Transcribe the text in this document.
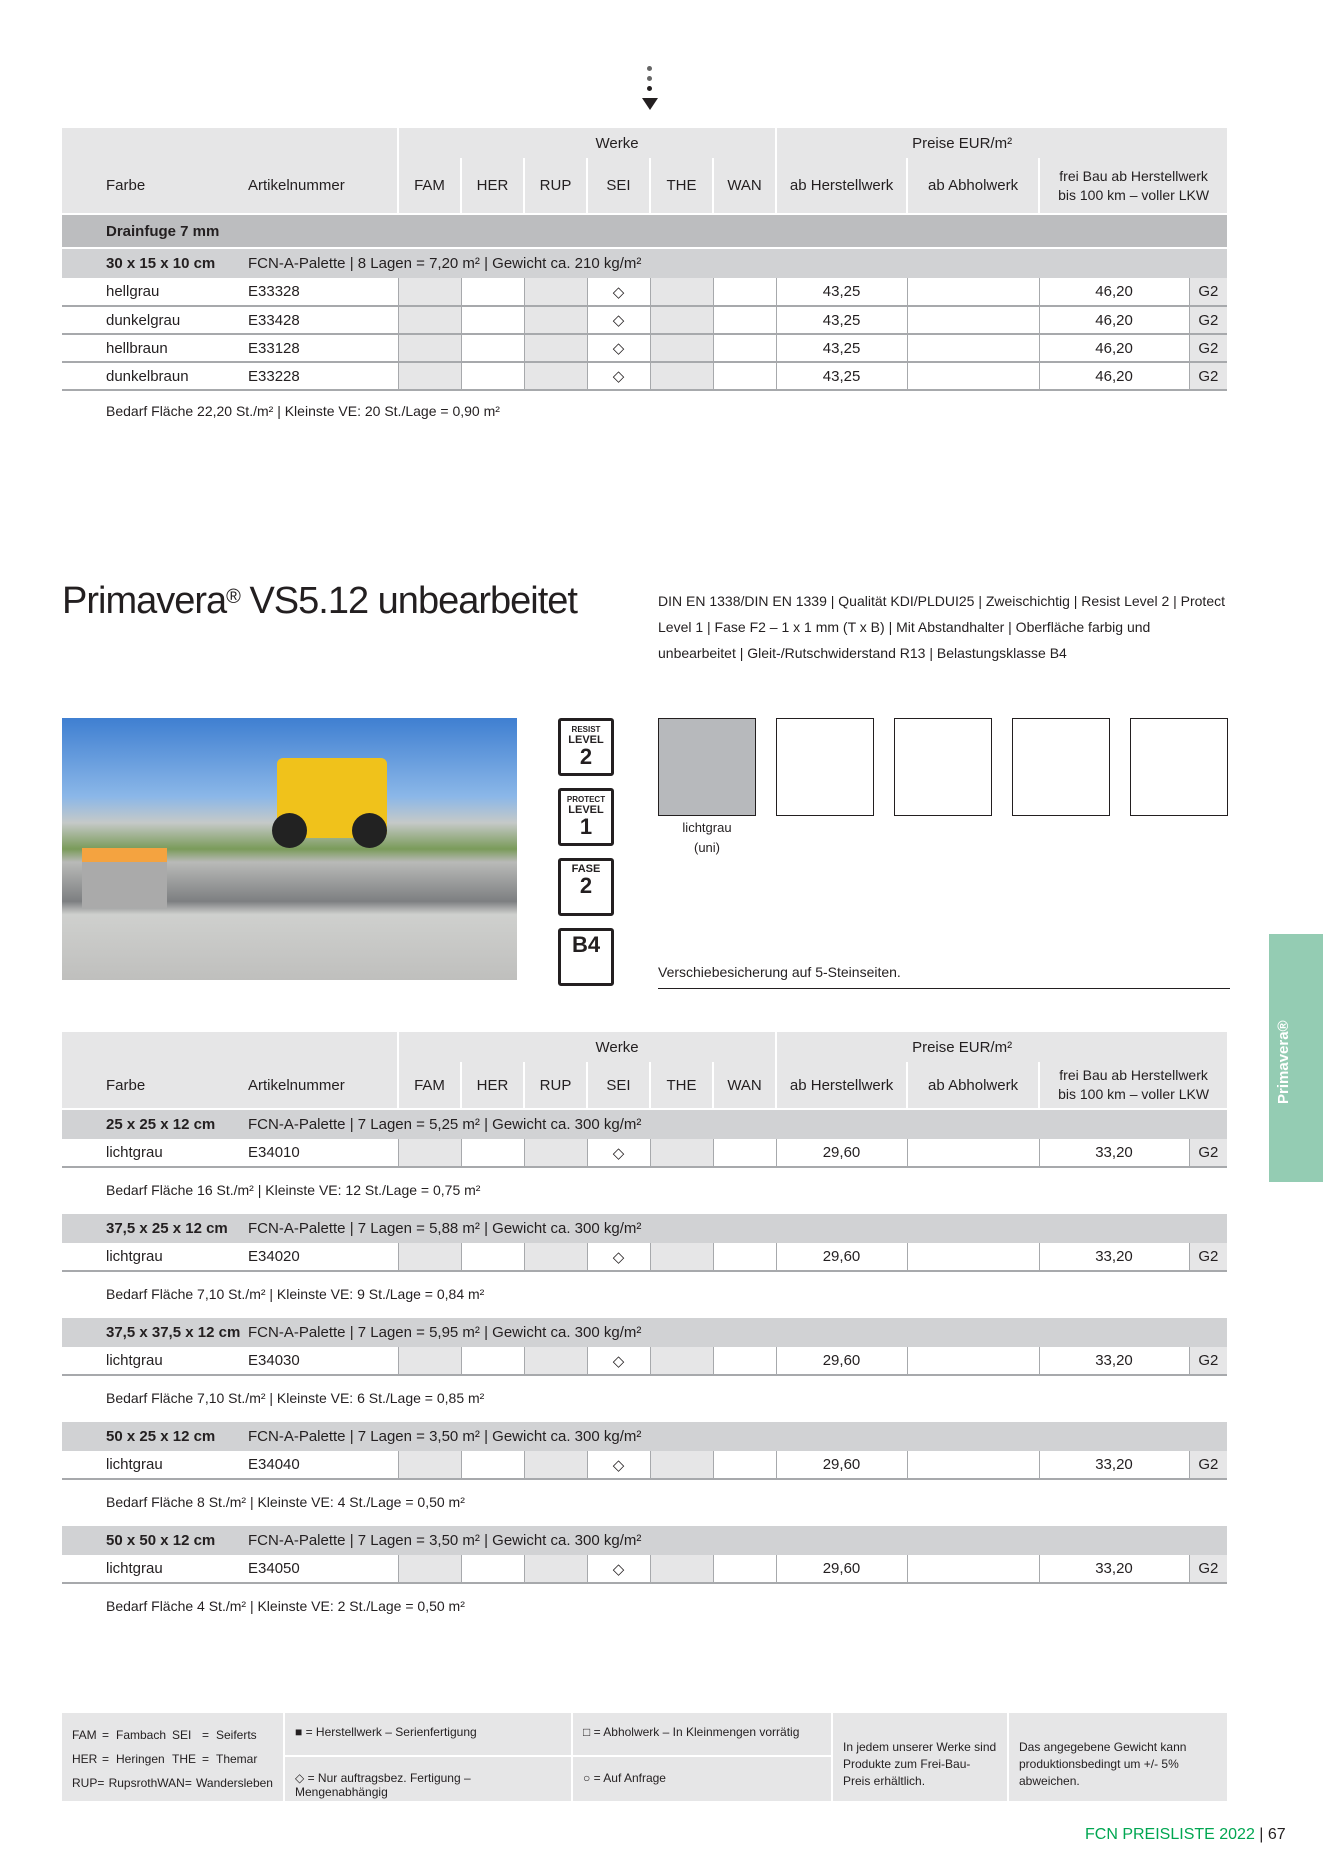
		Werke						Preise EUR/m²			
Farbe	Artikelnummer	FAM	HER	RUP	SEI	THE	WAN	ab Herstellwerk	ab Abholwerk	frei Bau ab Herstellwerk
bis 100 km – voller LKW	
Drainfuge 7 mm											
30 x 15 x 10 cm	FCN-A-Palette | 8 Lagen = 7,20 m² | Gewicht ca. 210 kg/m²										
hellgrau	E33328				◇			43,25		46,20	G2
dunkelgrau	E33428				◇			43,25		46,20	G2
hellbraun	E33128				◇			43,25		46,20	G2
dunkelbraun	E33228				◇			43,25		46,20	G2
Bedarf Fläche 22,20 St./m² | Kleinste VE: 20 St./Lage = 0,90 m²
Primavera® VS5.12 unbearbeitet	DIN EN 1338/DIN EN 1339 | Qualität KDI/PLDUI25 | Zweischichtig | Resist Level 2 | Protect Level 1 | Fase F2 – 1 x 1 mm (T x B) | Mit Abstandhalter | Oberfläche farbig und unbearbeitet | Gleit-/Rutschwiderstand R13 | Belastungsklasse B4
RESIST
LEVEL
2
PROTECT
LEVEL
1
FASE
2
B4
lichtgrau
(uni)
Verschiebesicherung auf 5-Steinseiten.
Primavera®
		Werke						Preise EUR/m²		
Farbe	Artikelnummer	FAM	HER	RUP	SEI	THE	WAN	ab Herstellwerk	ab Abholwerk	frei Bau ab Herstellwerk
bis 100 km – voller LKW
25 x 25 x 12 cm	FCN-A-Palette | 7 Lagen = 5,25 m² | Gewicht ca. 300 kg/m²										
lichtgrau	E34010				◇			29,60		33,20	G2
Bedarf Fläche 16 St./m² | Kleinste VE: 12 St./Lage = 0,75 m²
37,5 x 25 x 12 cm	FCN-A-Palette | 7 Lagen = 5,88 m² | Gewicht ca. 300 kg/m²										
lichtgrau	E34020				◇			29,60		33,20	G2
Bedarf Fläche 7,10 St./m² | Kleinste VE: 9 St./Lage = 0,84 m²
37,5 x 37,5 x 12 cm	FCN-A-Palette | 7 Lagen = 5,95 m² | Gewicht ca. 300 kg/m²										
lichtgrau	E34030				◇			29,60		33,20	G2
Bedarf Fläche 7,10 St./m² | Kleinste VE: 6 St./Lage = 0,85 m²
50 x 25 x 12 cm	FCN-A-Palette | 7 Lagen = 3,50 m² | Gewicht ca. 300 kg/m²										
lichtgrau	E34040				◇			29,60		33,20	G2
Bedarf Fläche 8 St./m² | Kleinste VE: 4 St./Lage = 0,50 m²
50 x 50 x 12 cm	FCN-A-Palette | 7 Lagen = 3,50 m² | Gewicht ca. 300 kg/m²										
lichtgrau	E34050				◇			29,60		33,20	G2
Bedarf Fläche 4 St./m² | Kleinste VE: 2 St./Lage = 0,50 m²
FAM = Fambach SEI = Seiferts
HER = Heringen THE = Themar
RUP = Rupsroth WAN = Wandersleben
■ = Herstellwerk – Serienfertigung
◇ = Nur auftragsbez. Fertigung – Mengenabhängig
□ = Abholwerk – In Kleinmengen vorrätig
○ = Auf Anfrage
In jedem unserer Werke sind Produkte zum Frei-Bau-Preis erhältlich.
Das angegebene Gewicht kann produktionsbedingt um +/- 5% abweichen.
FCN PREISLISTE 2022 | 67
